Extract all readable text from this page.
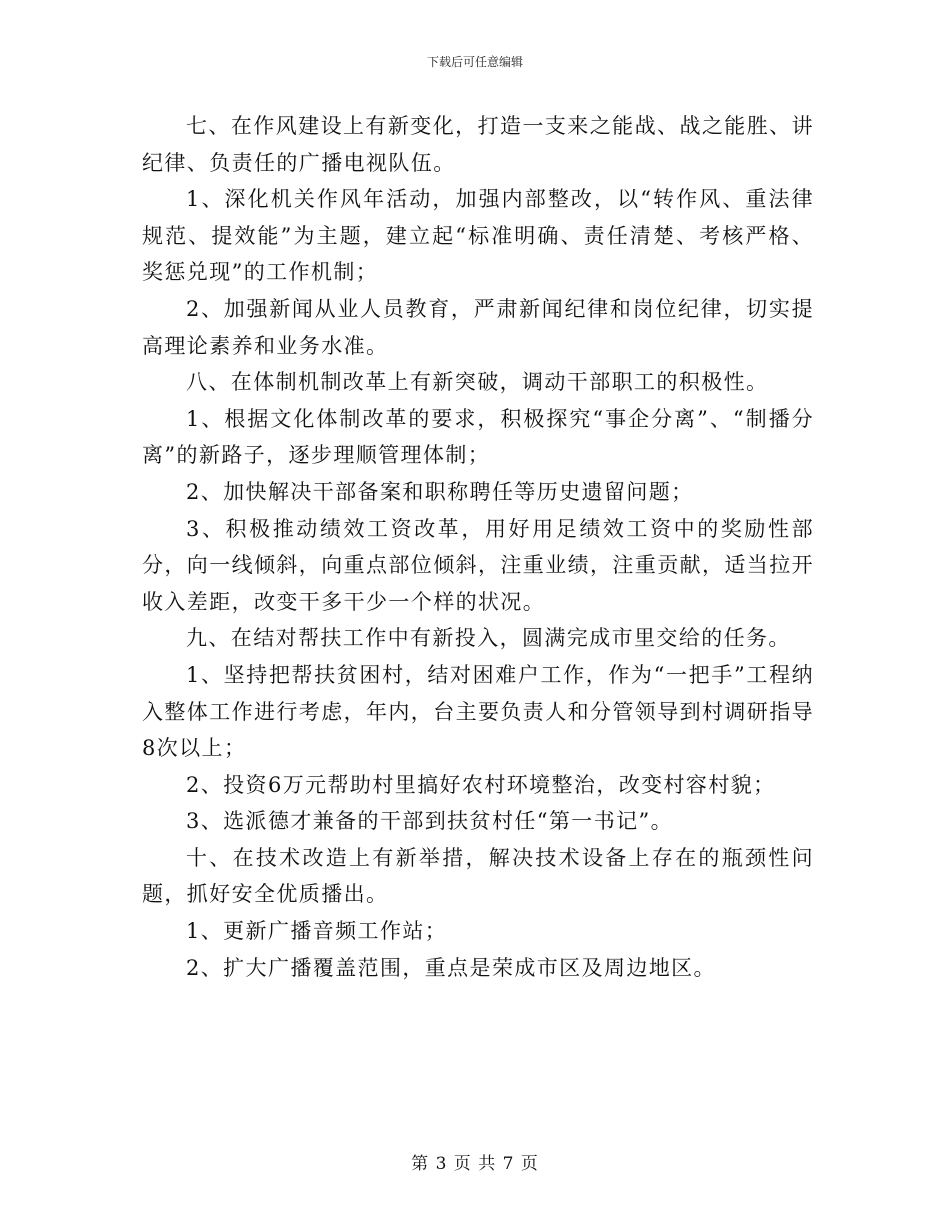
下载后可任意编辑

七、在作风建设上有新变化，打造一支来之能战、战之能胜、讲纪律、负责任的广播电视队伍。

1、深化机关作风年活动，加强内部整改，以“转作风、重法律规范、提效能”为主题，建立起“标准明确、责任清楚、考核严格、奖惩兑现”的工作机制；

2、加强新闻从业人员教育，严肃新闻纪律和岗位纪律，切实提高理论素养和业务水准。

八、在体制机制改革上有新突破，调动干部职工的积极性。

1、根据文化体制改革的要求，积极探究“事企分离”、“制播分离”的新路子，逐步理顺管理体制；

2、加快解决干部备案和职称聘任等历史遗留问题；

3、积极推动绩效工资改革，用好用足绩效工资中的奖励性部分，向一线倾斜，向重点部位倾斜，注重业绩，注重贡献，适当拉开收入差距，改变干多干少一个样的状况。

九、在结对帮扶工作中有新投入，圆满完成市里交给的任务。

1、坚持把帮扶贫困村，结对困难户工作，作为“一把手”工程纳入整体工作进行考虑，年内，台主要负责人和分管领导到村调研指导8次以上；

2、投资6万元帮助村里搞好农村环境整治，改变村容村貌；

3、选派德才兼备的干部到扶贫村任“第一书记”。

十、在技术改造上有新举措，解决技术设备上存在的瓶颈性问题，抓好安全优质播出。

1、更新广播音频工作站；

2、扩大广播覆盖范围，重点是荣成市区及周边地区。

第 3 页 共 7 页
